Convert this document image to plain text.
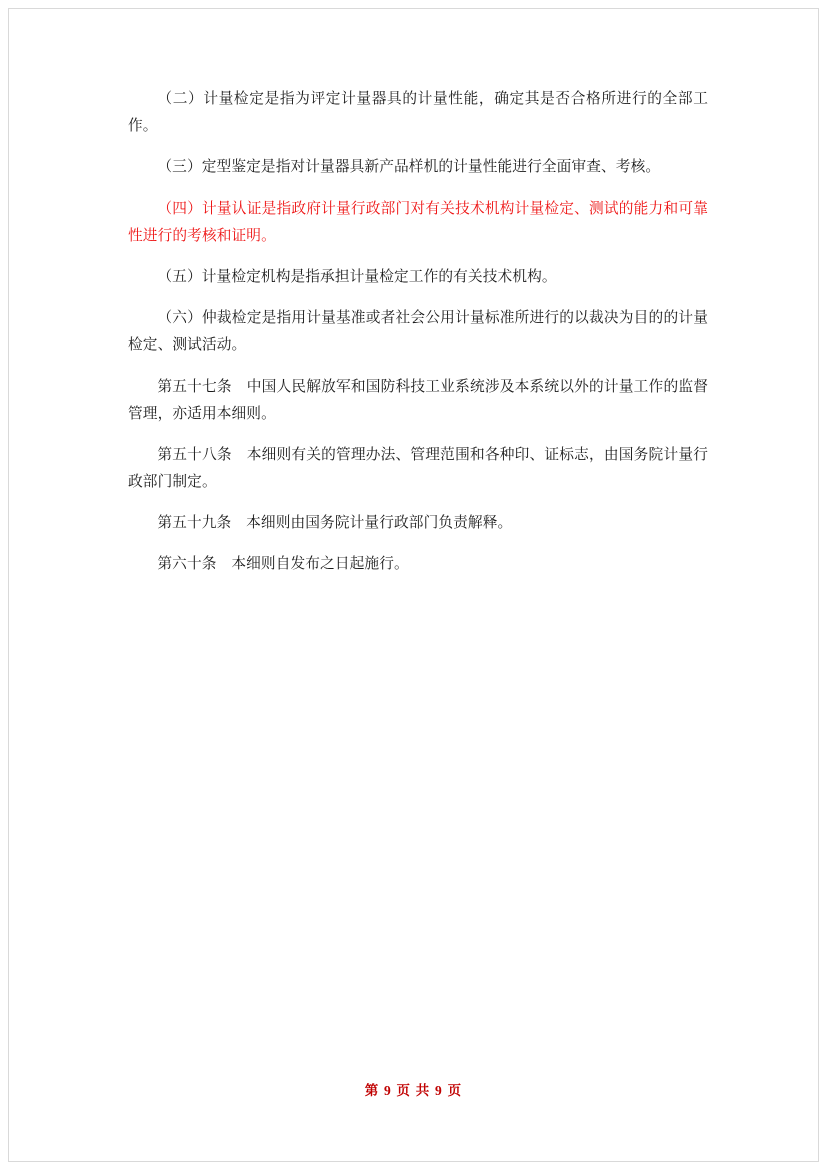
（二）计量检定是指为评定计量器具的计量性能，确定其是否合格所进行的全部工作。

（三）定型鉴定是指对计量器具新产品样机的计量性能进行全面审查、考核。

（四）计量认证是指政府计量行政部门对有关技术机构计量检定、测试的能力和可靠性进行的考核和证明。

（五）计量检定机构是指承担计量检定工作的有关技术机构。

（六）仲裁检定是指用计量基准或者社会公用计量标准所进行的以裁决为目的的计量检定、测试活动。

第五十七条　中国人民解放军和国防科技工业系统涉及本系统以外的计量工作的监督管理，亦适用本细则。

第五十八条　本细则有关的管理办法、管理范围和各种印、证标志，由国务院计量行政部门制定。

第五十九条　本细则由国务院计量行政部门负责解释。

第六十条　本细则自发布之日起施行。

第 9 页 共 9 页
